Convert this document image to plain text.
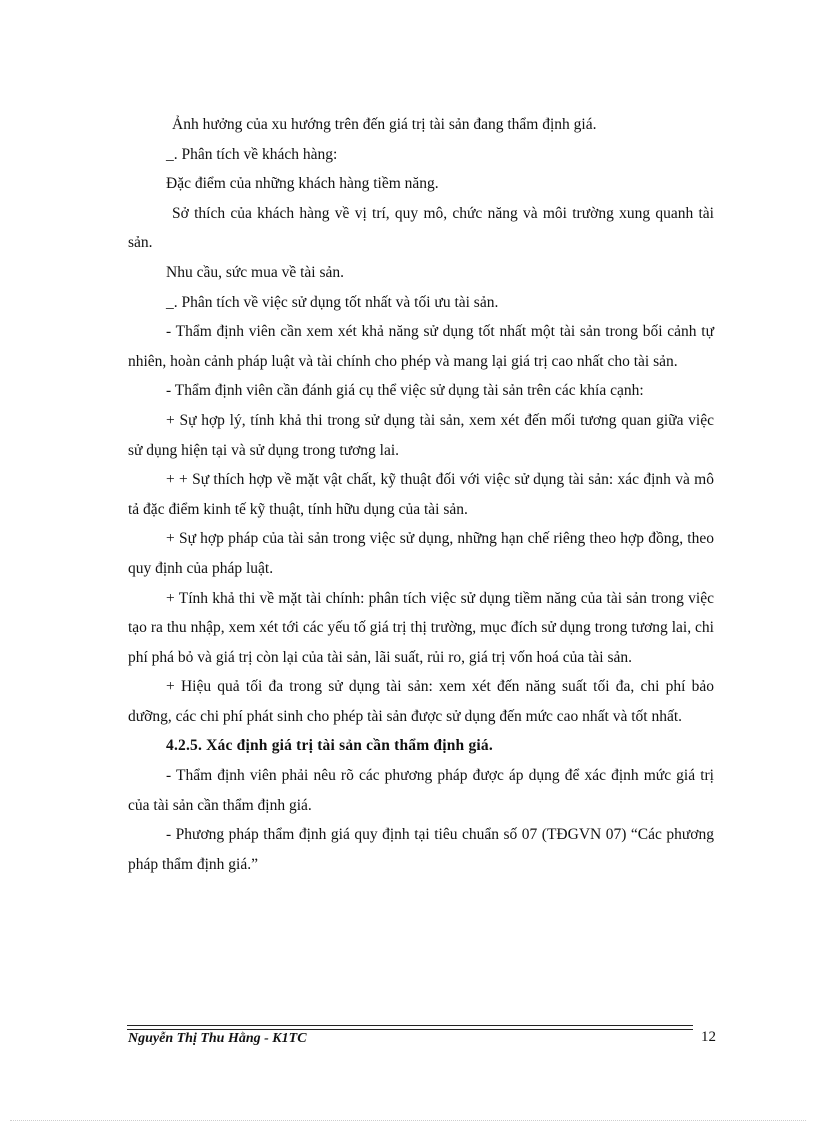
Ảnh hưởng của xu hướng trên đến giá trị tài sản đang thẩm định giá.

_. Phân tích về khách hàng:

Đặc điểm của những khách hàng tiềm năng.

Sở thích của khách hàng về vị trí, quy mô, chức năng và môi trường xung quanh tài sản.

Nhu cầu, sức mua về tài sản.

_. Phân tích về việc sử dụng tốt nhất và tối ưu tài sản.

- Thẩm định viên cần xem xét khả năng sử dụng tốt nhất một tài sản trong bối cảnh tự nhiên, hoàn cảnh pháp luật và tài chính cho phép và mang lại giá trị cao nhất cho tài sản.

- Thẩm định viên cần đánh giá cụ thể việc sử dụng tài sản trên các khía cạnh:

+ Sự hợp lý, tính khả thi trong sử dụng tài sản, xem xét đến mối tương quan giữa việc sử dụng hiện tại và sử dụng trong tương lai.

+ + Sự thích hợp về mặt vật chất, kỹ thuật đối với việc sử dụng tài sản: xác định và mô tả đặc điểm kinh tế kỹ thuật, tính hữu dụng của tài sản.

+ Sự hợp pháp của tài sản trong việc sử dụng, những hạn chế riêng theo hợp đồng, theo quy định của pháp luật.

+ Tính khả thi về mặt tài chính: phân tích việc sử dụng tiềm năng của tài sản trong việc tạo ra thu nhập, xem xét tới các yếu tố giá trị thị trường, mục đích sử dụng trong tương lai, chi phí phá bỏ và giá trị còn lại của tài sản, lãi suất, rủi ro, giá trị vốn hoá của tài sản.

+ Hiệu quả tối đa trong sử dụng tài sản: xem xét đến năng suất tối đa, chi phí bảo dưỡng, các chi phí phát sinh cho phép tài sản được sử dụng đến mức cao nhất và tốt nhất.

4.2.5. Xác định giá trị tài sản cần thẩm định giá.

- Thẩm định viên phải nêu rõ các phương pháp được áp dụng để xác định mức giá trị của tài sản cần thẩm định giá.

- Phương pháp thẩm định giá quy định tại tiêu chuẩn số 07 (TĐGVN 07) “Các phương pháp thẩm định giá.”

Nguyễn Thị Thu Hằng - K1TC	12
